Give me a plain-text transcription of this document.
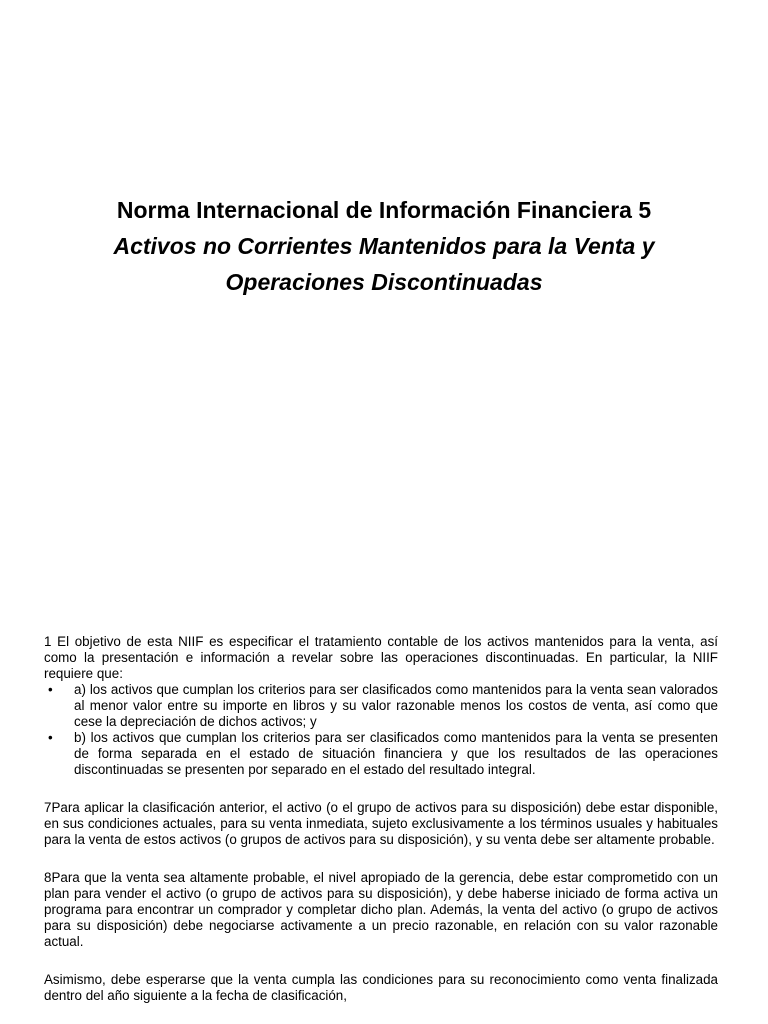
Norma Internacional de Información Financiera 5

Activos no Corrientes Mantenidos para la Venta y

Operaciones Discontinuadas

1 El objetivo de esta NIIF es especificar el tratamiento contable de los activos mantenidos para la venta, así como la presentación e información a revelar sobre las operaciones discontinuadas. En particular, la NIIF requiere que:

•	a) los activos que cumplan los criterios para ser clasificados como mantenidos para la venta sean valorados al menor valor entre su importe en libros y su valor razonable menos los costos de venta, así como que cese la depreciación de dichos activos; y
•	b) los activos que cumplan los criterios para ser clasificados como mantenidos para la venta se presenten de forma separada en el estado de situación financiera y que los resultados de las operaciones discontinuadas se presenten por separado en el estado del resultado integral.

7Para aplicar la clasificación anterior, el activo (o el grupo de activos para su disposición) debe estar disponible, en sus condiciones actuales, para su venta inmediata, sujeto exclusivamente a los términos usuales y habituales para la venta de estos activos (o grupos de activos para su disposición), y su venta debe ser altamente probable.

8Para que la venta sea altamente probable, el nivel apropiado de la gerencia, debe estar comprometido con un plan para vender el activo (o grupo de activos para su disposición), y debe haberse iniciado de forma activa un programa para encontrar un comprador y completar dicho plan. Además, la venta del activo (o grupo de activos para su disposición) debe negociarse activamente a un precio razonable, en relación con su valor razonable actual.

Asimismo, debe esperarse que la venta cumpla las condiciones para su reconocimiento como venta finalizada dentro del año siguiente a la fecha de clasificación,
